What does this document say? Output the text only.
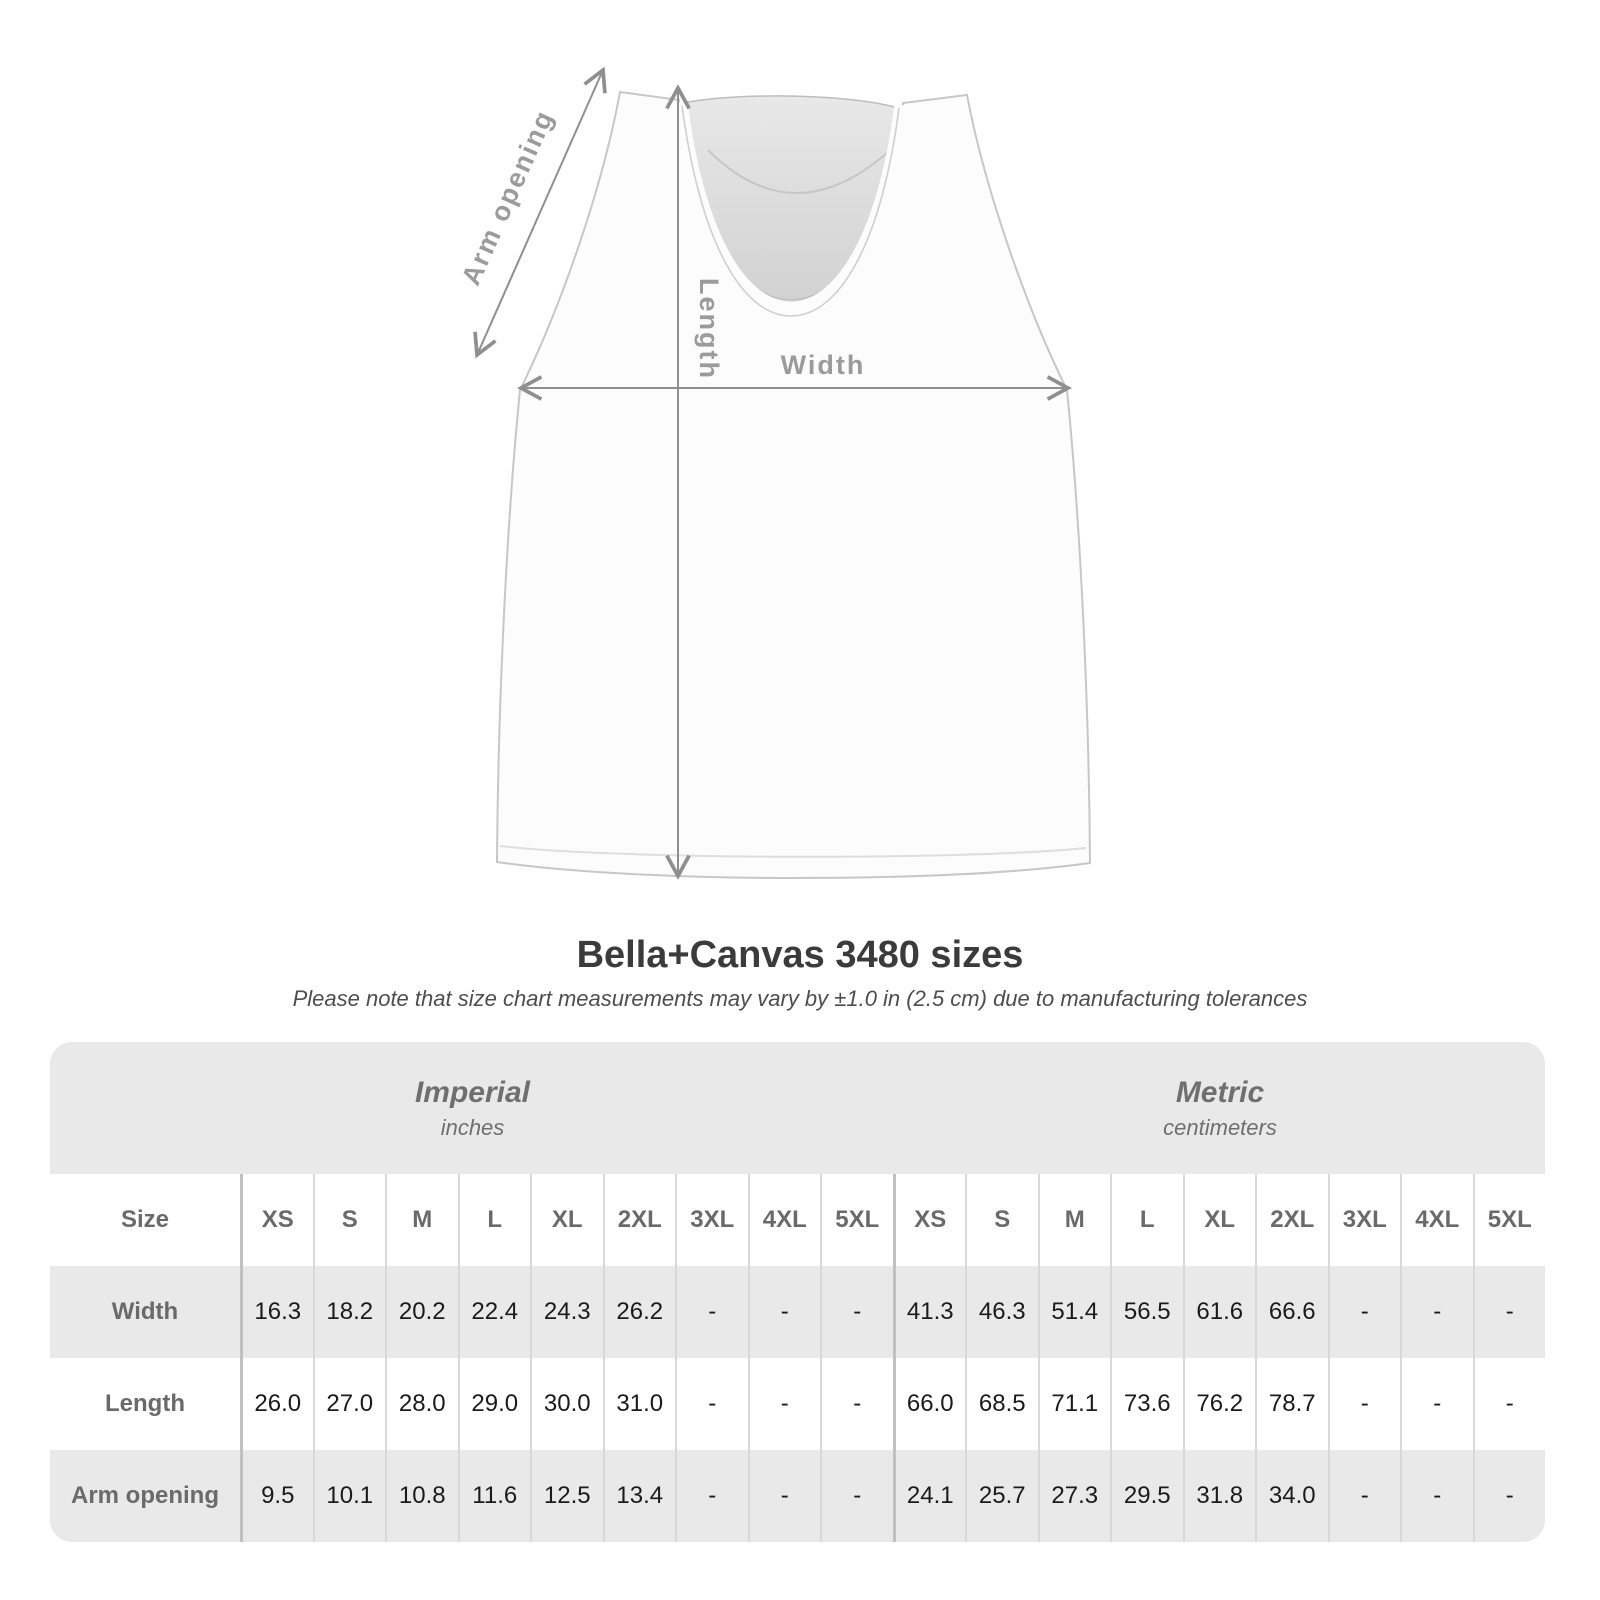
Arm opening
Length Width
Bella+Canvas 3480 sizes
Please note that size chart measurements may vary by ±1.0 in (2.5 cm) due to manufacturing tolerances
Imperial
inches
Metric
centimeters
Size	XS	S	M	L	XL	2XL	3XL	4XL	5XL	XS	S	M	L	XL	2XL	3XL	4XL	5XL
Width	16.3	18.2	20.2	22.4	24.3	26.2	-	-	-	41.3	46.3	51.4	56.5	61.6	66.6	-	-	-
Length	26.0	27.0	28.0	29.0	30.0	31.0	-	-	-	66.0	68.5	71.1	73.6	76.2	78.7	-	-	-
Arm opening	9.5	10.1	10.8	11.6	12.5	13.4	-	-	-	24.1	25.7	27.3	29.5	31.8	34.0	-	-	-
